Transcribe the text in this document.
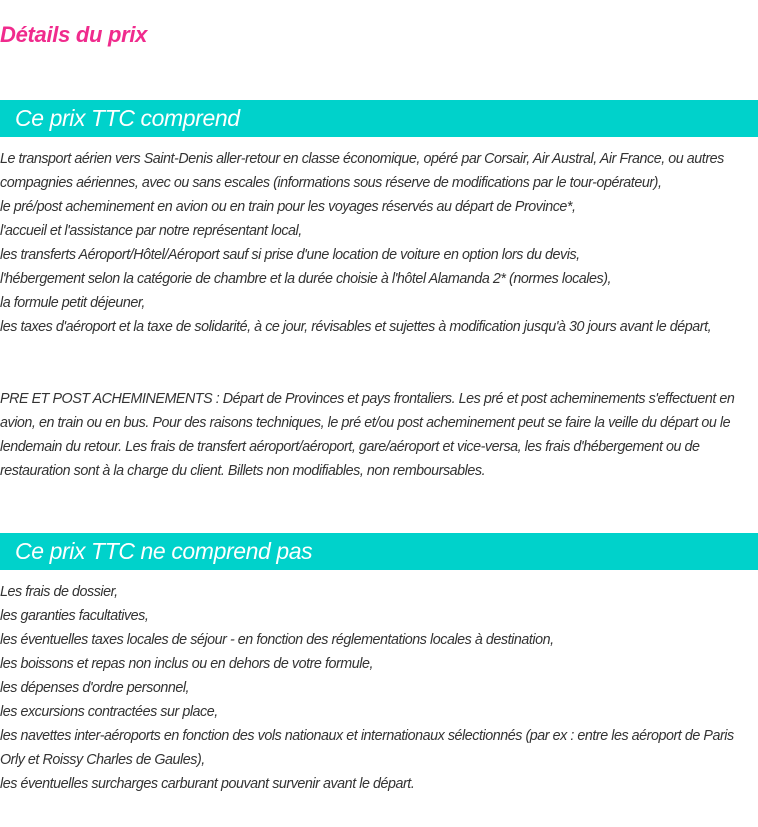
Détails du prix
Ce prix TTC comprend

Le transport aérien vers Saint-Denis aller-retour en classe économique, opéré par Corsair, Air Austral, Air France, ou autres compagnies aériennes, avec ou sans escales (informations sous réserve de modifications par le tour-opérateur),

le pré/post acheminement en avion ou en train pour les voyages réservés au départ de Province*,

l'accueil et l'assistance par notre représentant local,

les transferts Aéroport/Hôtel/Aéroport sauf si prise d'une location de voiture en option lors du devis,

l'hébergement selon la catégorie de chambre et la durée choisie à l'hôtel Alamanda 2* (normes locales),

la formule petit déjeuner,

les taxes d'aéroport et la taxe de solidarité, à ce jour, révisables et sujettes à modification jusqu'à 30 jours avant le départ,

PRE ET POST ACHEMINEMENTS : Départ de Provinces et pays frontaliers. Les pré et post acheminements s'effectuent en avion, en train ou en bus. Pour des raisons techniques, le pré et/ou post acheminement peut se faire la veille du départ ou le lendemain du retour. Les frais de transfert aéroport/aéroport, gare/aéroport et vice-versa, les frais d'hébergement ou de restauration sont à la charge du client. Billets non modifiables, non remboursables.

Ce prix TTC ne comprend pas

Les frais de dossier,

les garanties facultatives,

les éventuelles taxes locales de séjour - en fonction des réglementations locales à destination,

les boissons et repas non inclus ou en dehors de votre formule,

les dépenses d'ordre personnel,

les excursions contractées sur place,

les navettes inter-aéroports en fonction des vols nationaux et internationaux sélectionnés (par ex : entre les aéroport de Paris Orly et Roissy Charles de Gaules),

les éventuelles surcharges carburant pouvant survenir avant le départ.
